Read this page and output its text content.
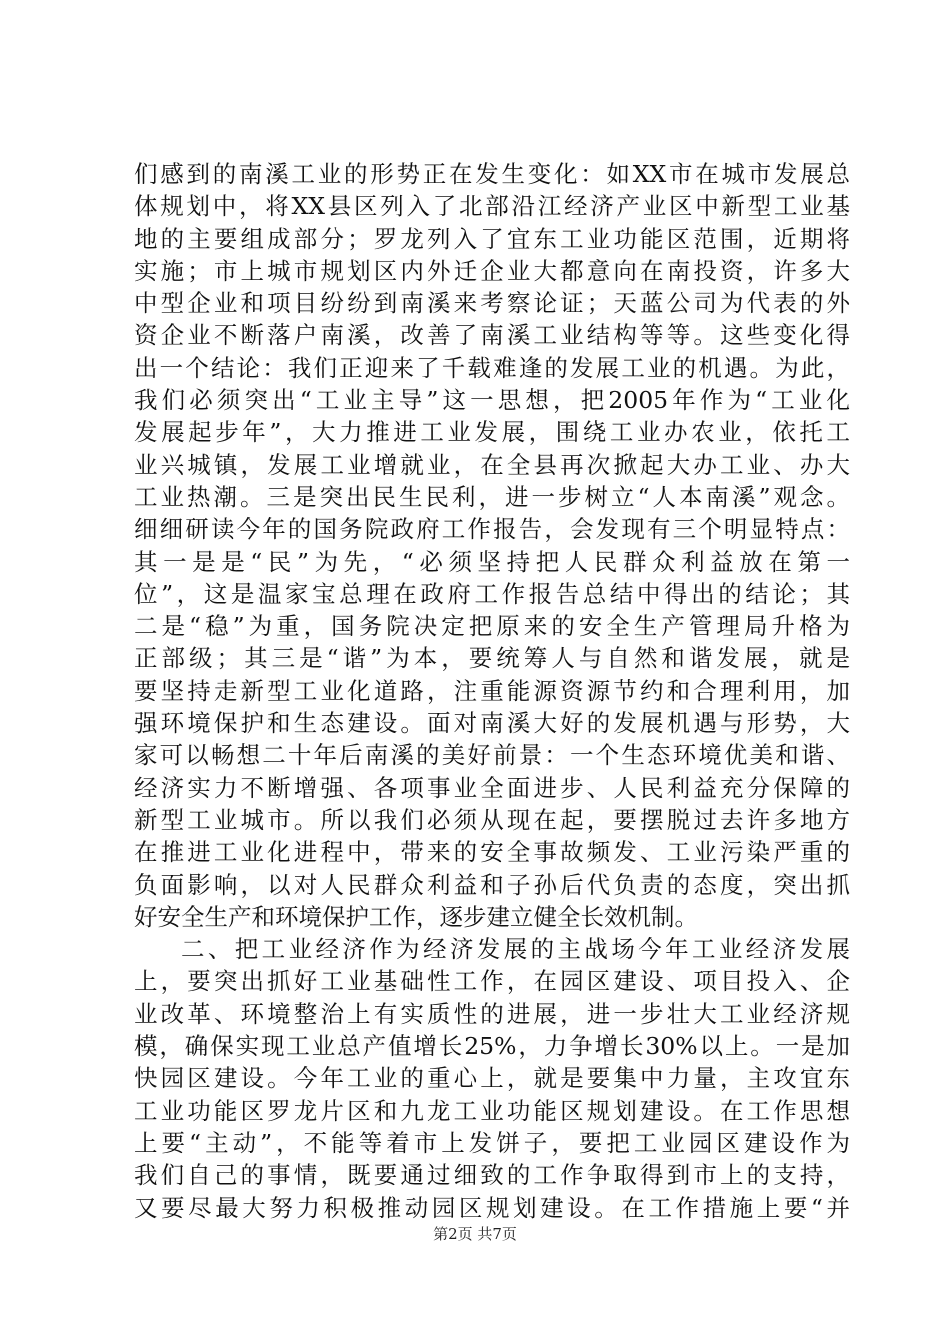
们感到的南溪工业的形势正在发生变化：如XX市在城市发展总
体规划中，将XX县区列入了北部沿江经济产业区中新型工业基
地的主要组成部分；罗龙列入了宜东工业功能区范围，近期将
实施；市上城市规划区内外迁企业大都意向在南投资，许多大
中型企业和项目纷纷到南溪来考察论证；天蓝公司为代表的外
资企业不断落户南溪，改善了南溪工业结构等等。这些变化得
出一个结论：我们正迎来了千载难逢的发展工业的机遇。为此，
我们必须突出“工业主导”这一思想，把2005年作为“工业化
发展起步年”，大力推进工业发展，围绕工业办农业，依托工
业兴城镇，发展工业增就业，在全县再次掀起大办工业、办大
工业热潮。三是突出民生民利，进一步树立“人本南溪”观念。
细细研读今年的国务院政府工作报告，会发现有三个明显特点：
其一是是“民”为先，“必须坚持把人民群众利益放在第一
位”，这是温家宝总理在政府工作报告总结中得出的结论；其
二是“稳”为重，国务院决定把原来的安全生产管理局升格为
正部级；其三是“谐”为本，要统筹人与自然和谐发展，就是
要坚持走新型工业化道路，注重能源资源节约和合理利用，加
强环境保护和生态建设。面对南溪大好的发展机遇与形势，大
家可以畅想二十年后南溪的美好前景：一个生态环境优美和谐、
经济实力不断增强、各项事业全面进步、人民利益充分保障的
新型工业城市。所以我们必须从现在起，要摆脱过去许多地方
在推进工业化进程中，带来的安全事故频发、工业污染严重的
负面影响，以对人民群众利益和子孙后代负责的态度，突出抓
好安全生产和环境保护工作，逐步建立健全长效机制。
二、把工业经济作为经济发展的主战场今年工业经济发展
上，要突出抓好工业基础性工作，在园区建设、项目投入、企
业改革、环境整治上有实质性的进展，进一步壮大工业经济规
模，确保实现工业总产值增长25%，力争增长30%以上。一是加
快园区建设。今年工业的重心上，就是要集中力量，主攻宜东
工业功能区罗龙片区和九龙工业功能区规划建设。在工作思想
上要“主动”，不能等着市上发饼子，要把工业园区建设作为
我们自己的事情，既要通过细致的工作争取得到市上的支持，
又要尽最大努力积极推动园区规划建设。在工作措施上要“并
第2页 共7页
